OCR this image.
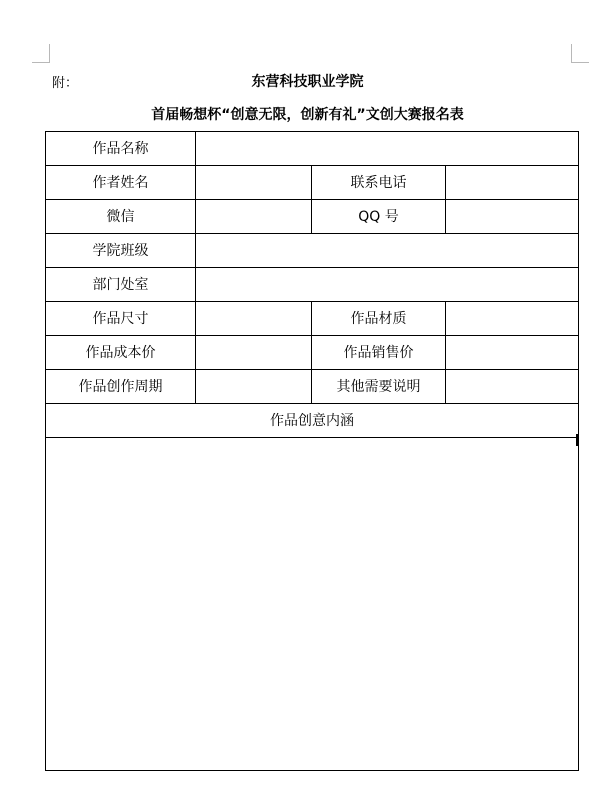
附：	东营科技职业学院
首届畅想杯“创意无限，创新有礼”文创大赛报名表
作品名称			
作者姓名		联系电话	
微信		QQ 号	
学院班级			
部门处室			
作品尺寸		作品材质	
作品成本价		作品销售价	
作品创作周期		其他需要说明	
作品创意内涵			
